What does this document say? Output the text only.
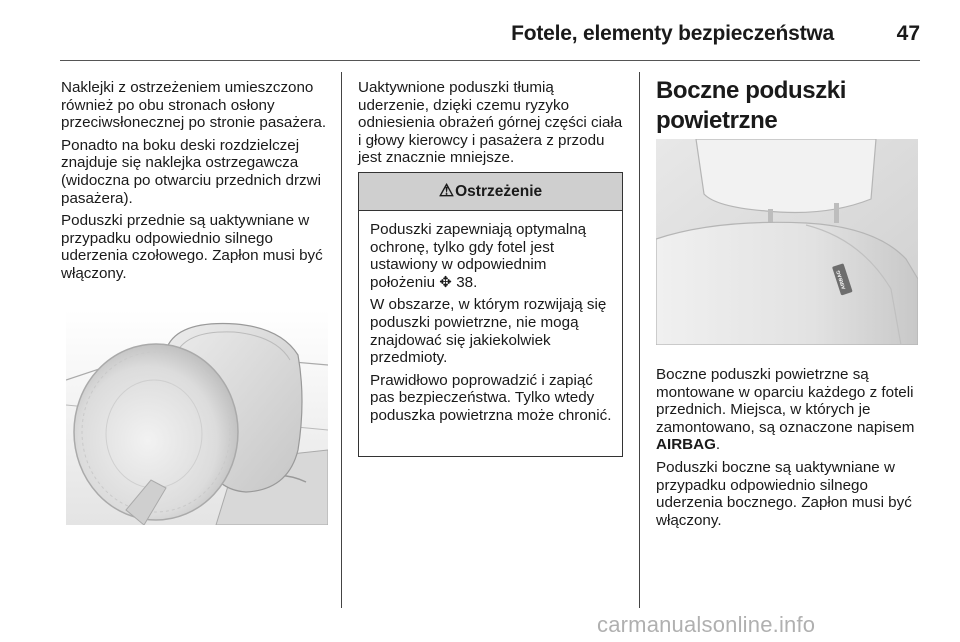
Fotele, elementy bezpieczeństwa	47

Naklejki z ostrzeżeniem umieszczono również po obu stronach osłony przeciwsłonecznej po stronie pasażera.

Ponadto na boku deski rozdzielczej znajduje się naklejka ostrzegawcza (widoczna po otwarciu przednich drzwi pasażera).

Poduszki przednie są uaktywniane w przypadku odpowiednio silnego uderzenia czołowego. Zapłon musi być włączony.

Uaktywnione poduszki tłumią uderzenie, dzięki czemu ryzyko odniesienia obrażeń górnej części ciała i głowy kierowcy i pasażera z przodu jest znacznie mniejsze.

⚠ Ostrzeżenie

Poduszki zapewniają optymalną ochronę, tylko gdy fotel jest ustawiony w odpowiednim położeniu ✥ 38.

W obszarze, w którym rozwijają się poduszki powietrzne, nie mogą znajdować się jakiekolwiek przedmioty.

Prawidłowo poprowadzić i zapiąć pas bezpieczeństwa. Tylko wtedy poduszka powietrzna może chronić.

Boczne poduszki powietrzne
AIRBAG

Boczne poduszki powietrzne są montowane w oparciu każdego z foteli przednich. Miejsca, w których je zamontowano, są oznaczone napisem AIRBAG.

Poduszki boczne są uaktywniane w przypadku odpowiednio silnego uderzenia bocznego. Zapłon musi być włączony.

carmanualsonline.info
